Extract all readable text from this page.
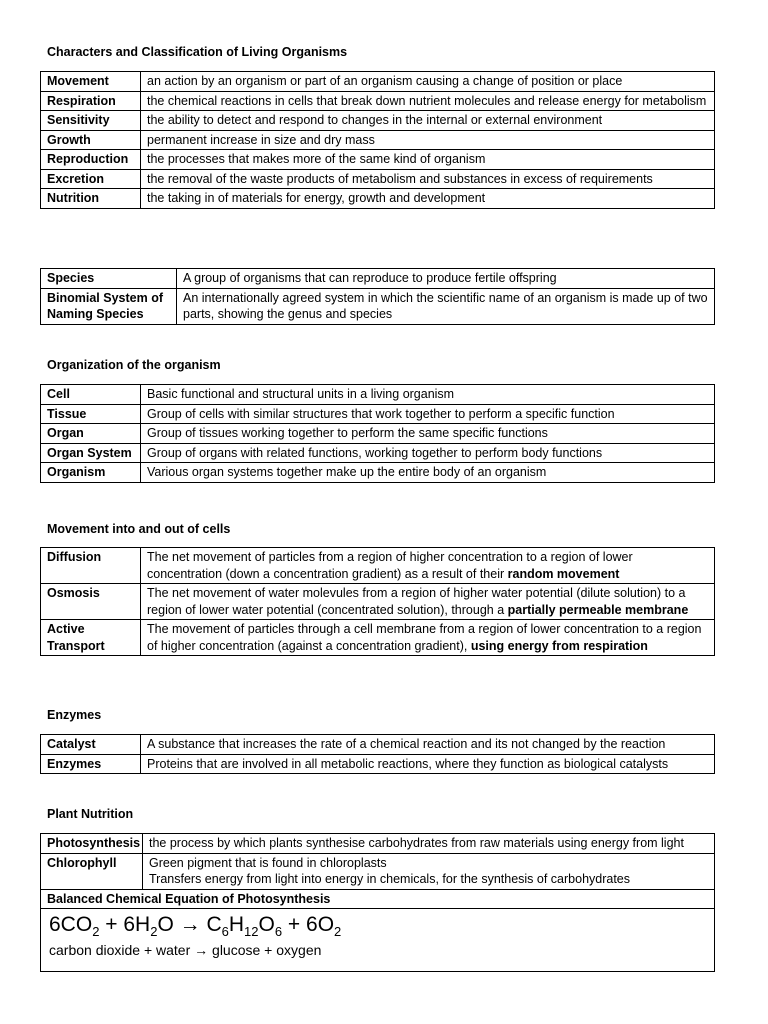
Characters and Classification of Living Organisms
Movement	an action by an organism or part of an organism causing a change of position or place
Respiration	the chemical reactions in cells that break down nutrient molecules and release energy for metabolism
Sensitivity	the ability to detect and respond to changes in the internal or external environment
Growth	permanent increase in size and dry mass
Reproduction	the processes that makes more of the same kind of organism
Excretion	the removal of the waste products of metabolism and substances in excess of requirements
Nutrition	the taking in of materials for energy, growth and development
Species	A group of organisms that can reproduce to produce fertile offspring
Binomial System of Naming Species	An internationally agreed system in which the scientific name of an organism is made up of two parts, showing the genus and species
Organization of the organism
Cell	Basic functional and structural units in a living organism
Tissue	Group of cells with similar structures that work together to perform a specific function
Organ	Group of tissues working together to perform the same specific functions
Organ System	Group of organs with related functions, working together to perform body functions
Organism	Various organ systems together make up the entire body of an organism
Movement into and out of cells
Diffusion	The net movement of particles from a region of higher concentration to a region of lower concentration (down a concentration gradient) as a result of their random movement
Osmosis	The net movement of water molevules from a region of higher water potential (dilute solution) to a region of lower water potential (concentrated solution), through a partially permeable membrane
Active Transport	The movement of particles through a cell membrane from a region of lower concentration to a region of higher concentration (against a concentration gradient), using energy from respiration
Enzymes
Catalyst	A substance that increases the rate of a chemical reaction and its not changed by the reaction
Enzymes	Proteins that are involved in all metabolic reactions, where they function as biological catalysts
Plant Nutrition
Photosynthesis	the process by which plants synthesise carbohydrates from raw materials using energy from light
Chlorophyll	Green pigment that is found in chloroplasts
Transfers energy from light into energy in chemicals, for the synthesis of carbohydrates

Balanced Chemical Equation of Photosynthesis	

$6CO_2 + 6H_2O \to C_6H_{12}O_6 + 6O_2$
carbon dioxide + water → glucose + oxygen	
